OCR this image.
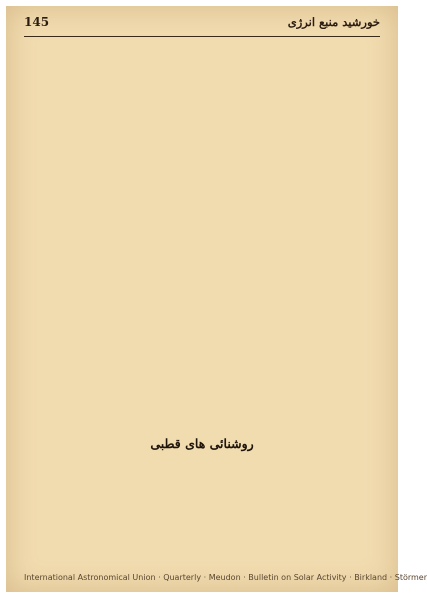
خورشید منبع انرژی
145
روشنائی های قطبی
International Astronomical Union · Quarterly · Meudon · Bulletin on Solar Activity · Birkland · Störmer
